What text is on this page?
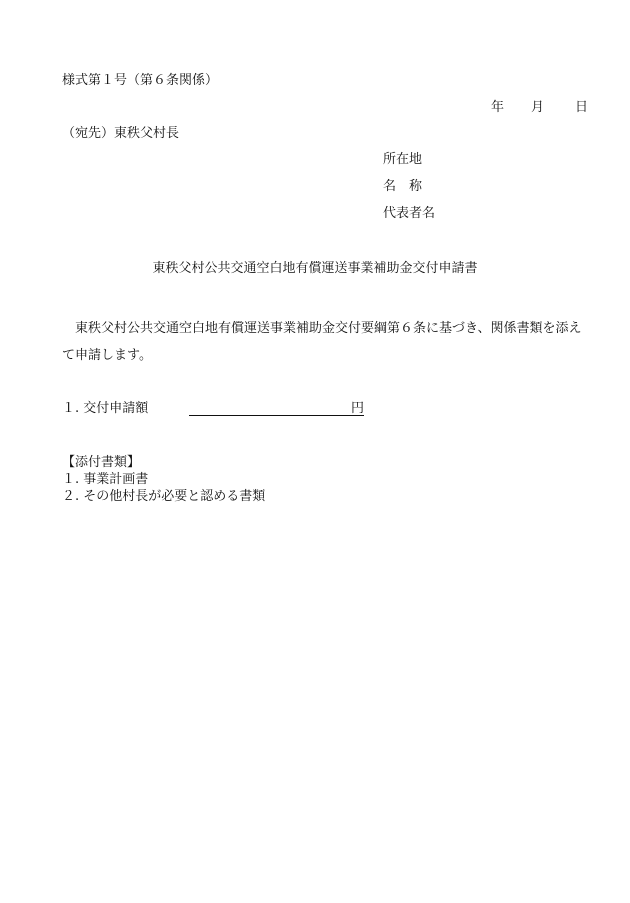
様式第１号（第６条関係）
年 月 日
（宛先）東秩父村長
所在地
名　称
代表者名
東秩父村公共交通空白地有償運送事業補助金交付申請書
東秩父村公共交通空白地有償運送事業補助金交付要綱第６条に基づき、関係書類を添えて申請します。
１. 交付申請額	円
【添付書類】
１. 事業計画書
２. その他村長が必要と認める書類
